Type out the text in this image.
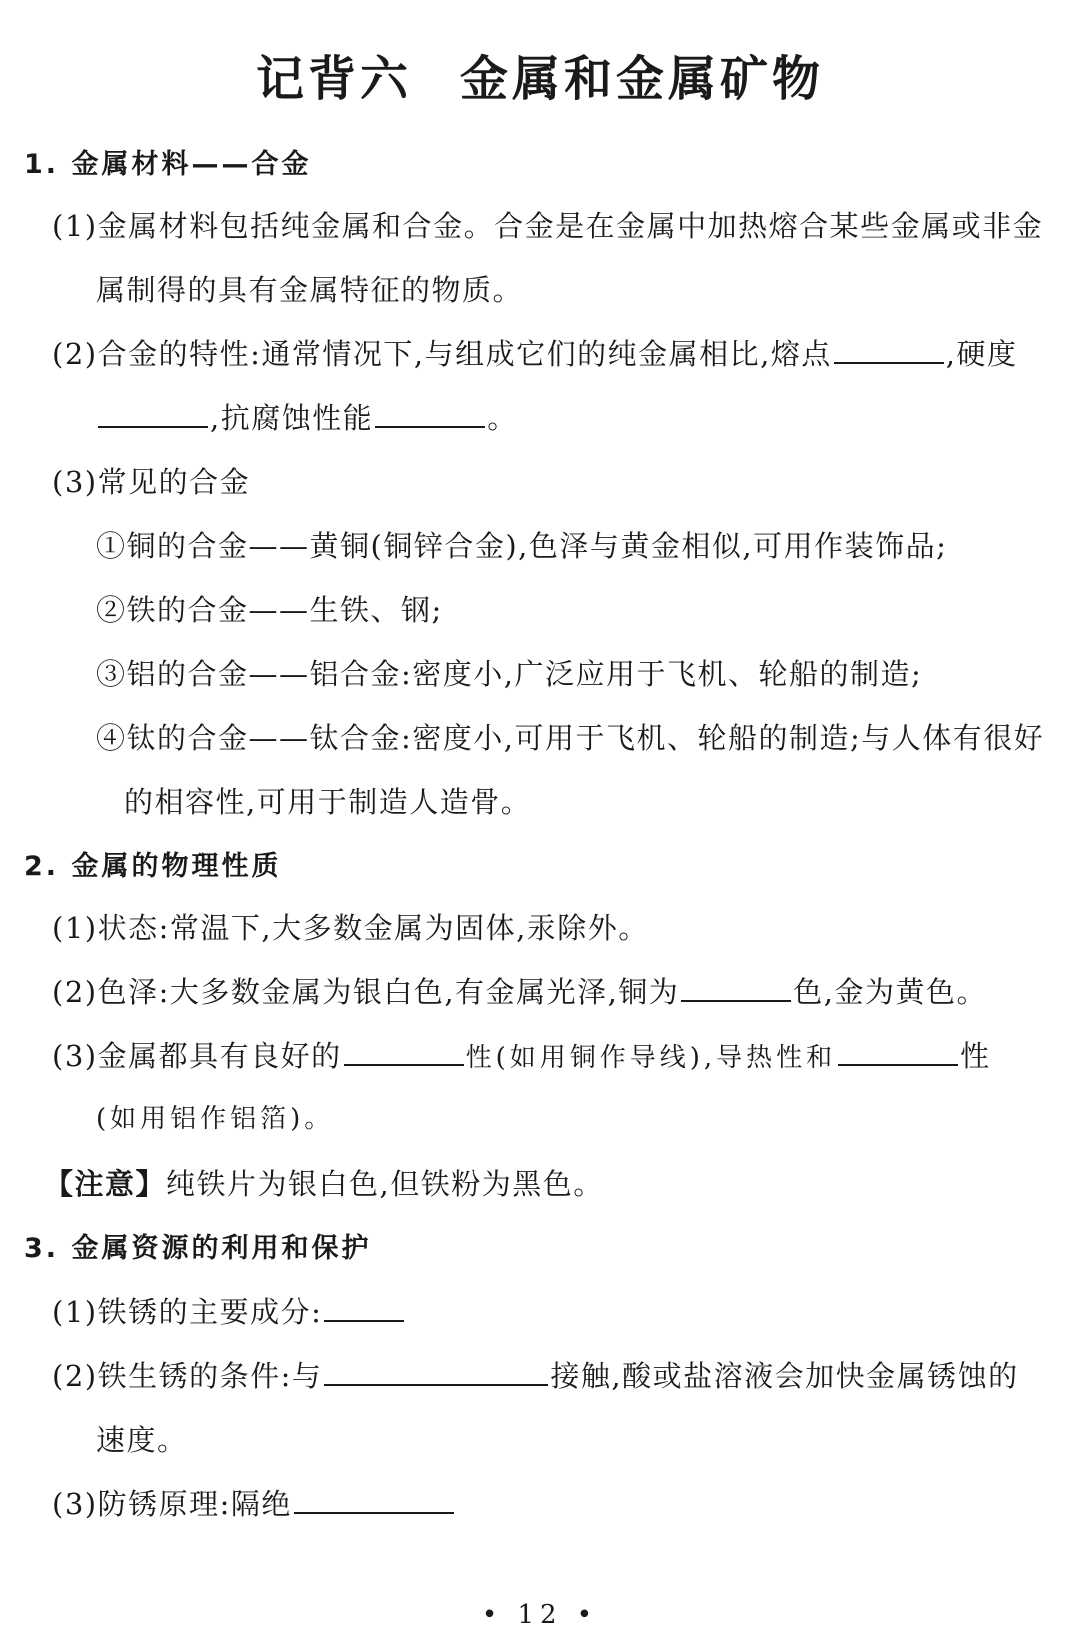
记背六 金属和金属矿物
1. 金属材料——合金
(1)金属材料包括纯金属和合金。合金是在金属中加热熔合某些金属或非金
属制得的具有金属特征的物质。
(2)合金的特性:通常情况下,与组成它们的纯金属相比,熔点	,硬度
,抗腐蚀性能	。
(3)常见的合金
①铜的合金——黄铜(铜锌合金),色泽与黄金相似,可用作装饰品;
②铁的合金——生铁、钢;
③铝的合金——铝合金:密度小,广泛应用于飞机、轮船的制造;
④钛的合金——钛合金:密度小,可用于飞机、轮船的制造;与人体有很好
的相容性,可用于制造人造骨。
2. 金属的物理性质
(1)状态:常温下,大多数金属为固体,汞除外。
(2)色泽:大多数金属为银白色,有金属光泽,铜为	色,金为黄色。
(3)金属都具有良好的	性(如用铜作导线),导热性和	性
(如用铝作铝箔)。
【注意】纯铁片为银白色,但铁粉为黑色。
3. 金属资源的利用和保护
(1)铁锈的主要成分:
(2)铁生锈的条件:与	接触,酸或盐溶液会加快金属锈蚀的
速度。
(3)防锈原理:隔绝
• 12 •
